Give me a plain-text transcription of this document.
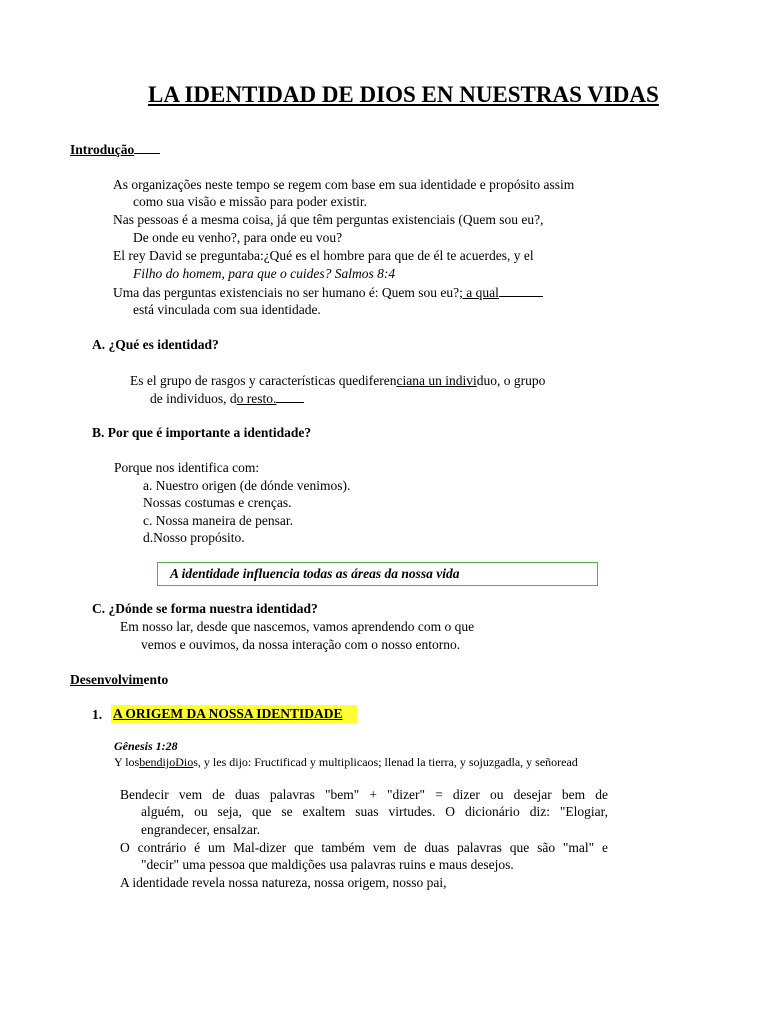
LA IDENTIDAD DE DIOS EN NUESTRAS VIDAS
Introdução
As organizações neste tempo se regem com base em sua identidade e propósito assim
como sua visão e missão para poder existir.
Nas pessoas é a mesma coisa, já que têm perguntas existenciais (Quem sou eu?,
De onde eu venho?, para onde eu vou?
El rey David se preguntaba:¿Qué es el hombre para que de él te acuerdes, y el
Filho do homem, para que o cuides? Salmos 8:4
Uma das perguntas existenciais no ser humano é: Quem sou eu?; a qual
está vinculada com sua identidade.
A. ¿Qué es identidad?
Es el grupo de rasgos y características quediferenciana un individuo, o grupo
de individuos, do resto.
B. Por que é importante a identidade?
Porque nos identifica com:
a. Nuestro origen (de dónde venimos).
Nossas costumas e crenças.
c. Nossa maneira de pensar.
d.Nosso propósito.
A identidade influencia todas as áreas da nossa vida
C. ¿Dónde se forma nuestra identidad?
Em nosso lar, desde que nascemos, vamos aprendendo com o que
vemos e ouvimos, da nossa interação com o nosso entorno.
Desenvolvimento
1. A ORIGEM DA NOSSA IDENTIDADE
Gênesis 1:28
Y losbendijoDios, y les dijo: Fructificad y multiplicaos; llenad la tierra, y sojuzgadla, y señoread
Bendecir vem de duas palavras "bem" + "dizer" = dizer ou desejar bem de
alguém, ou seja, que se exaltem suas virtudes. O dicionário diz: "Elogiar,
engrandecer, ensalzar.
O contrário é um Mal-dizer que também vem de duas palavras que são "mal" e
"decir" uma pessoa que maldições usa palavras ruins e maus desejos.
A identidade revela nossa natureza, nossa origem, nosso pai,
